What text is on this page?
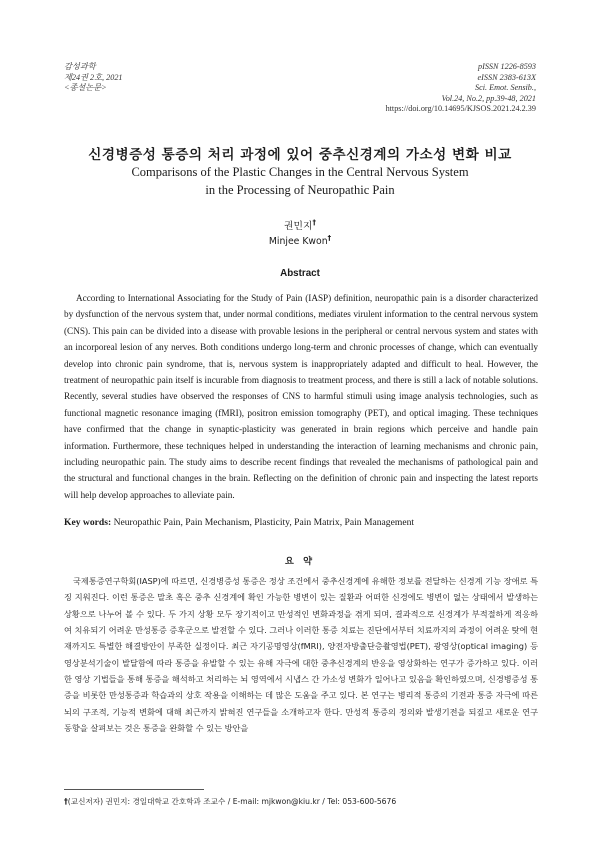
감성과학
제24권 2호, 2021
<종설논문>
pISSN 1226-8593
eISSN 2383-613X
Sci. Emot. Sensib.,
Vol.24, No.2, pp.39-48, 2021
https://doi.org/10.14695/KJSOS.2021.24.2.39
신경병증성 통증의 처리 과정에 있어 중추신경계의 가소성 변화 비교
Comparisons of the Plastic Changes in the Central Nervous System
in the Processing of Neuropathic Pain
권민지†
Minjee Kwon†
Abstract

According to International Associating for the Study of Pain (IASP) definition, neuropathic pain is a disorder characterized by dysfunction of the nervous system that, under normal conditions, mediates virulent information to the central nervous system (CNS). This pain can be divided into a disease with provable lesions in the peripheral or central nervous system and states with an incorporeal lesion of any nerves. Both conditions undergo long-term and chronic processes of change, which can eventually develop into chronic pain syndrome, that is, nervous system is inappropriately adapted and difficult to heal. However, the treatment of neuropathic pain itself is incurable from diagnosis to treatment process, and there is still a lack of notable solutions. Recently, several studies have observed the responses of CNS to harmful stimuli using image analysis technologies, such as functional magnetic resonance imaging (fMRI), positron emission tomography (PET), and optical imaging. These techniques have confirmed that the change in synaptic-plasticity was generated in brain regions which perceive and handle pain information. Furthermore, these techniques helped in understanding the interaction of learning mechanisms and chronic pain, including neuropathic pain. The study aims to describe recent findings that revealed the mechanisms of pathological pain and the structural and functional changes in the brain. Reflecting on the definition of chronic pain and inspecting the latest reports will help develop approaches to alleviate pain.

Key words: Neuropathic Pain, Pain Mechanism, Plasticity, Pain Matrix, Pain Management
요 약

국제통증연구학회(IASP)에 따르면, 신경병증성 통증은 정상 조건에서 중추신경계에 유해한 정보를 전달하는 신경계 기능 장애로 특징 지워진다. 이런 통증은 말초 혹은 중추 신경계에 확인 가능한 병변이 있는 질환과 어떠한 신경에도 병변이 없는 상태에서 발생하는 상황으로 나누어 볼 수 있다. 두 가지 상황 모두 장기적이고 만성적인 변화과정을 겪게 되며, 결과적으로 신경계가 부적절하게 적응하여 치유되기 어려운 만성통증 증후군으로 발전할 수 있다. 그러나 이러한 통증 치료는 진단에서부터 치료까지의 과정이 어려운 탓에 현재까지도 특별한 해결방안이 부족한 실정이다. 최근 자기공명영상(fMRI), 양전자방출단층촬영법(PET), 광영상(optical imaging) 등 영상분석기술이 발달함에 따라 통증을 유발할 수 있는 유해 자극에 대한 중추신경계의 반응을 영상화하는 연구가 증가하고 있다. 이러한 영상 기법들을 통해 통증을 해석하고 처리하는 뇌 영역에서 시냅스 간 가소성 변화가 일어나고 있음을 확인하였으며, 신경병증성 통증을 비롯한 만성통증과 학습과의 상호 작용을 이해하는 데 많은 도움을 주고 있다. 본 연구는 병리적 통증의 기전과 통증 자극에 따른 뇌의 구조적, 기능적 변화에 대해 최근까지 밝혀진 연구들을 소개하고자 한다. 만성적 통증의 정의와 발생기전을 되짚고 새로운 연구 동향을 살펴보는 것은 통증을 완화할 수 있는 방안을

†(교신저자) 권민지: 경일대학교 간호학과 조교수 / E-mail: mjkwon@kiu.kr / Tel: 053-600-5676
